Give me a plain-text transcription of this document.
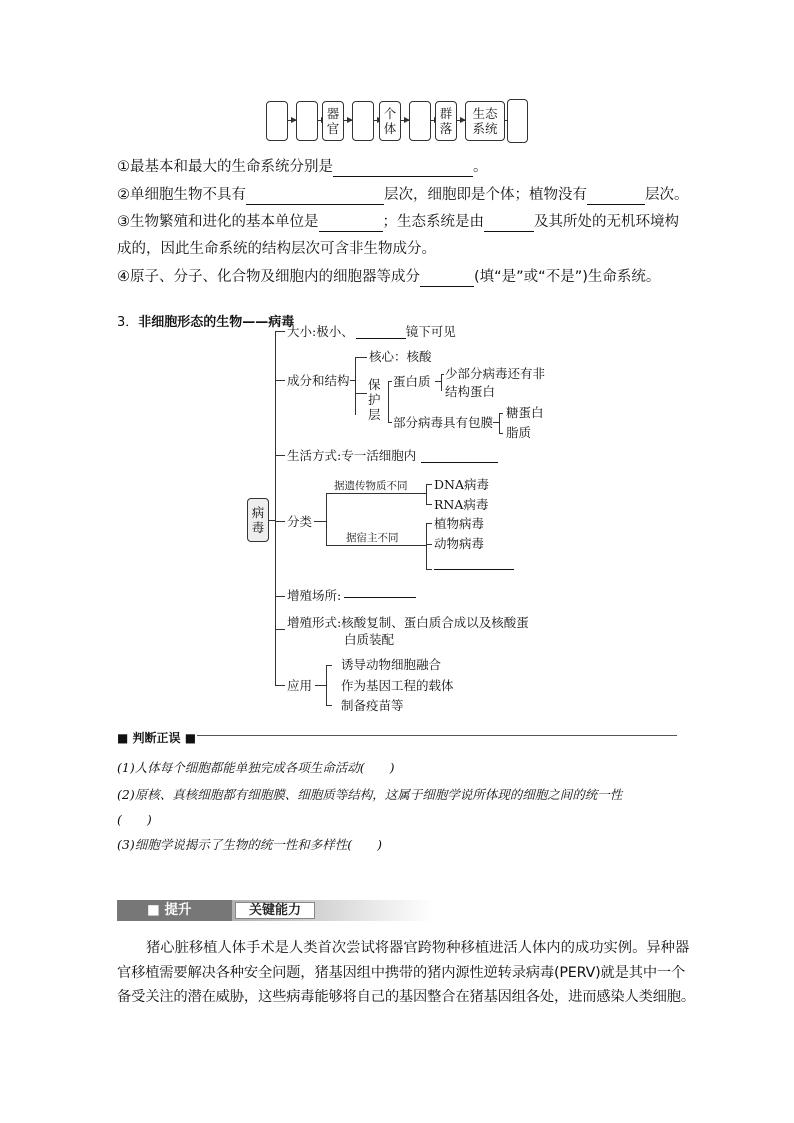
器官
个体
群落
生态系统
①最基本和最大的生命系统分别是	。
②单细胞生物不具有	层次，细胞即是个体；植物没有	层次。
③生物繁殖和进化的基本单位是	；生态系统是由	及其所处的无机环境构
成的，因此生命系统的结构层次可含非生物成分。
④原子、分子、化合物及细胞内的细胞器等成分	(填“是”或“不是”)生命系统。
3．非细胞形态的生物——病毒
病毒
大小:极小、	镜下可见
成分和结构
核心：核酸
保护层
蛋白质
少部分病毒还有非
结构蛋白
部分病毒具有包膜
糖蛋白
脂质
生活方式:专一活细胞内
分类
据遗传物质不同 DNA病毒
RNA病毒
据宿主不同
植物病毒
动物病毒
增殖场所:
增殖形式:核酸复制、蛋白质合成以及核酸蛋
白质装配
应用
诱导动物细胞融合
作为基因工程的载体
制备疫苗等
■ 判断正误 ■
(1)人体每个细胞都能单独完成各项生命活动(　　)
(2)原核、真核细胞都有细胞膜、细胞质等结构，这属于细胞学说所体现的细胞之间的统一性
(　　)
(3)细胞学说揭示了生物的统一性和多样性(　　)
■ 提升	关键能力
猪心脏移植人体手术是人类首次尝试将器官跨物种移植进活人体内的成功实例。异种器
官移植需要解决各种安全问题，猪基因组中携带的猪内源性逆转录病毒(PERV)就是其中一个
备受关注的潜在威胁，这些病毒能够将自己的基因整合在猪基因组各处，进而感染人类细胞。
